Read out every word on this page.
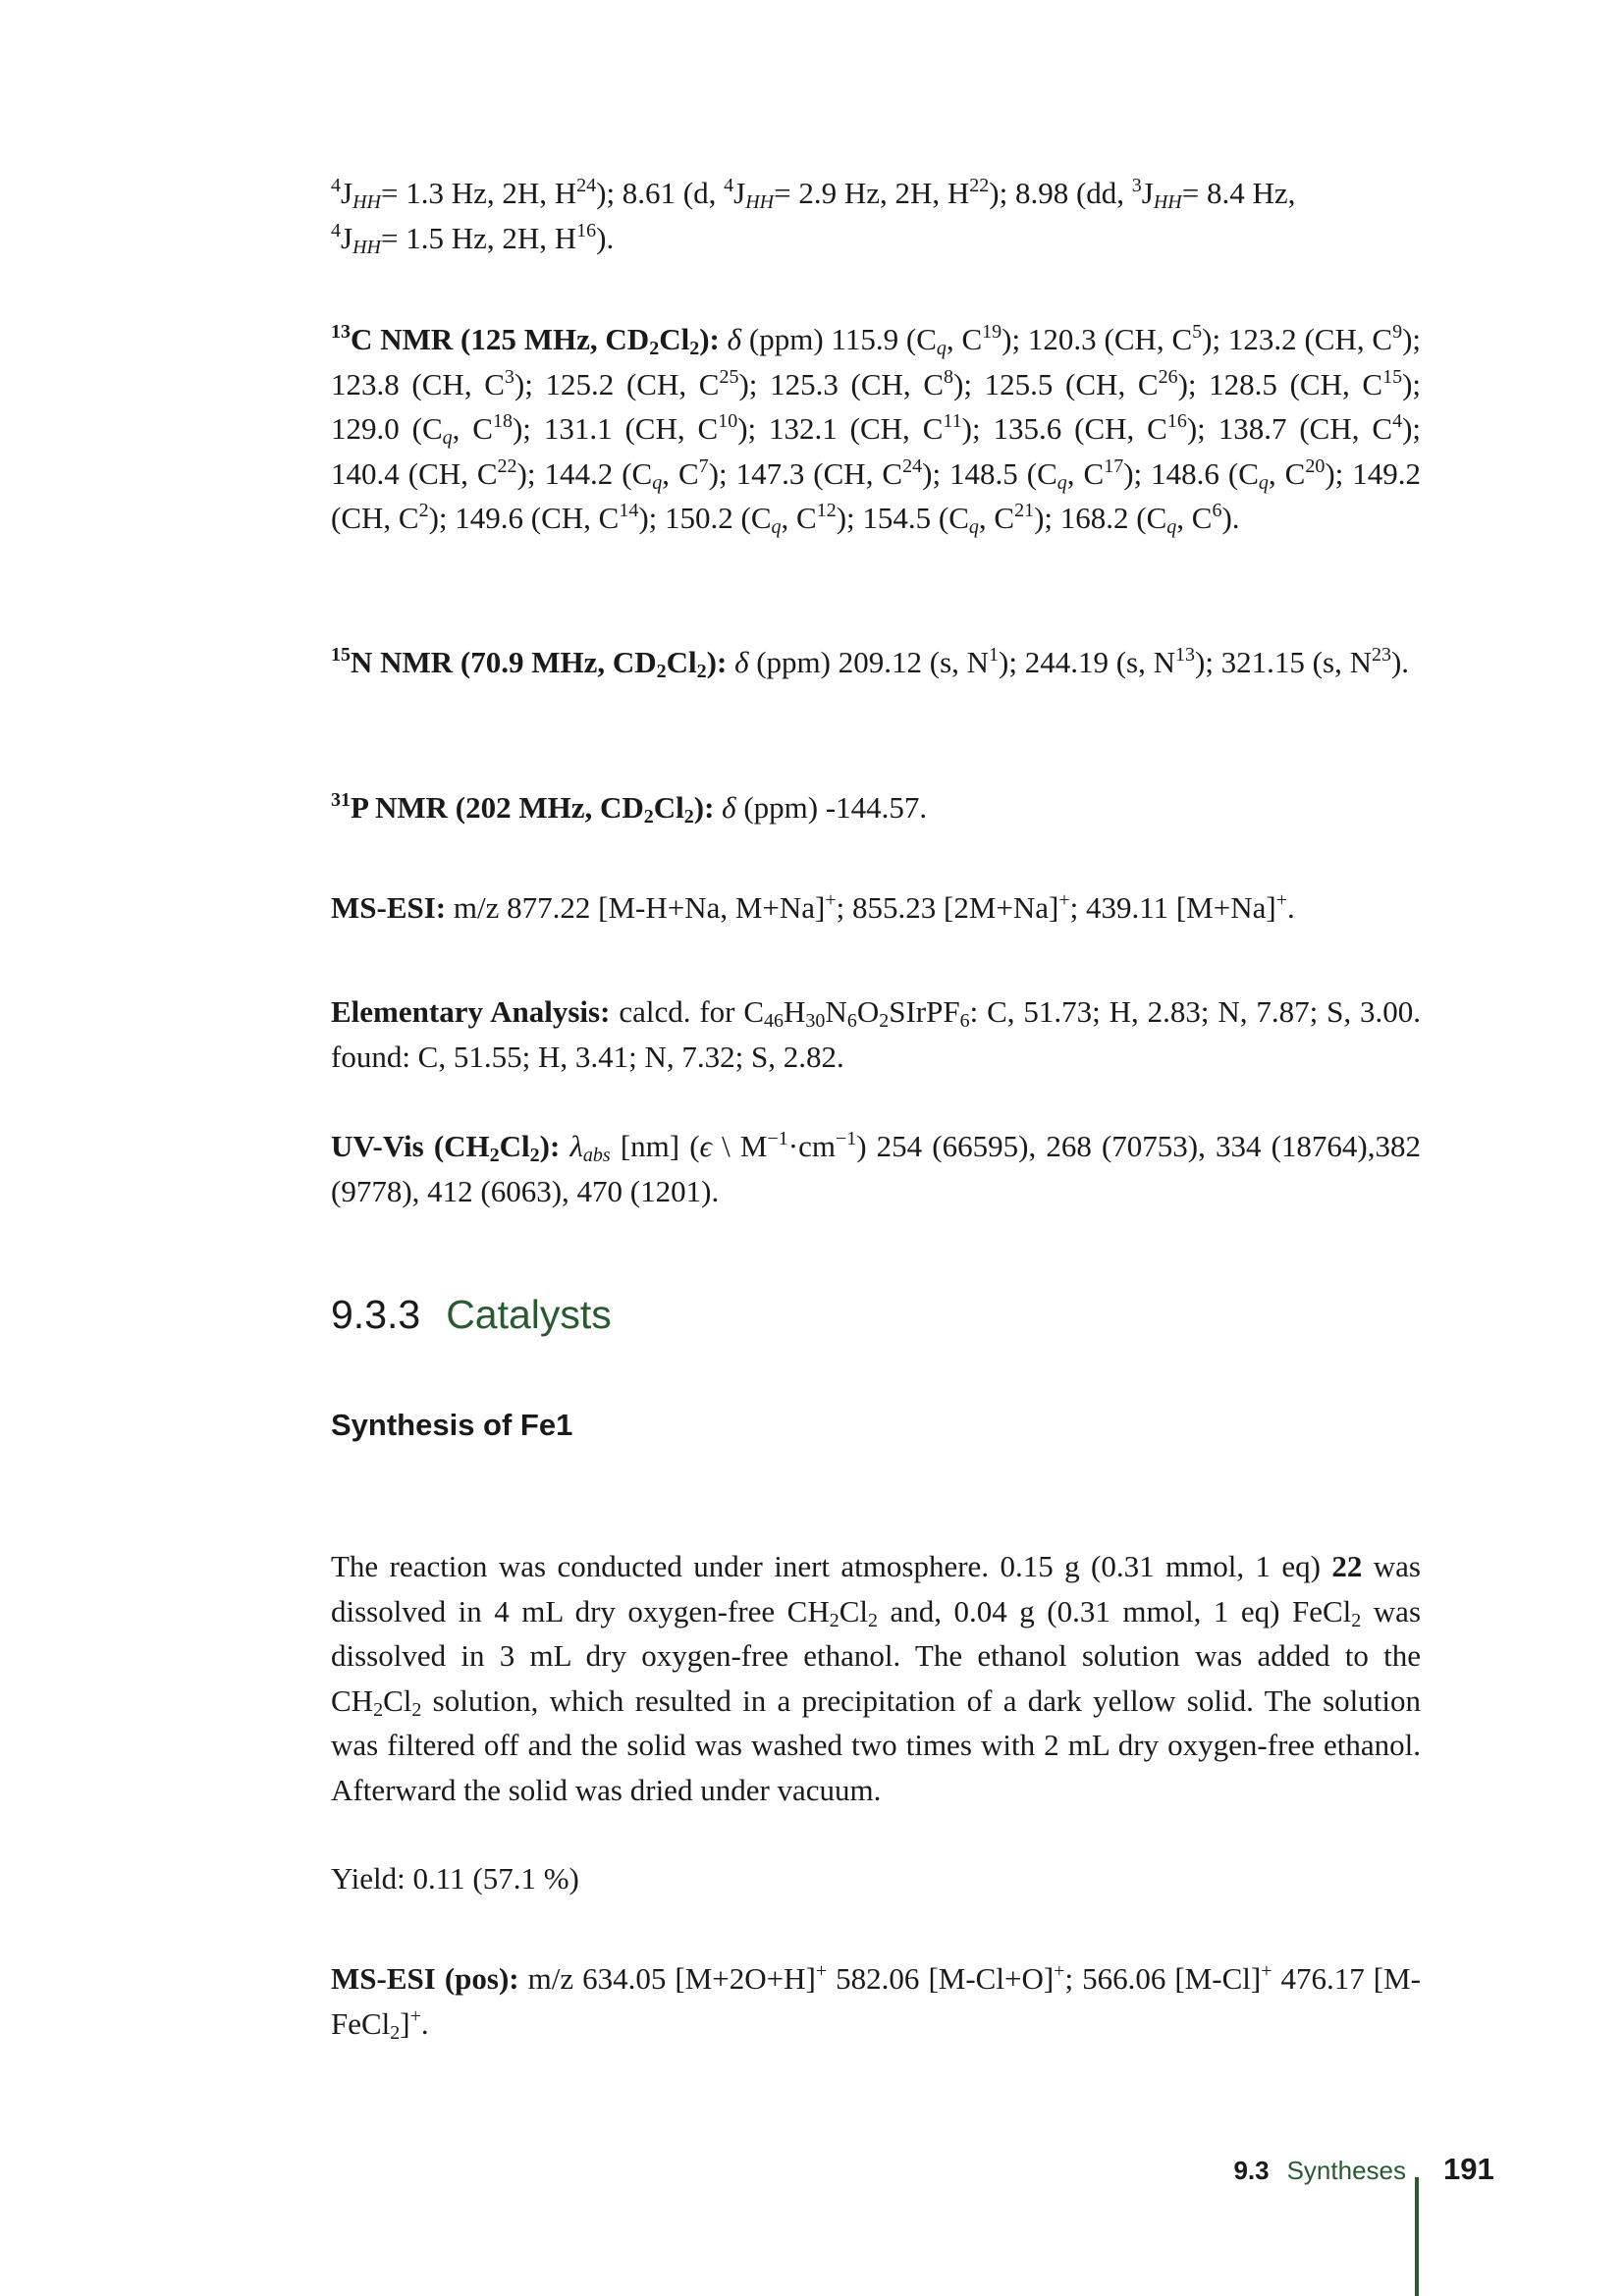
$^4J_{HH}= 1.3$ Hz, 2H, $H^{24}$); 8.61 (d, $^4J_{HH}= 2.9$ Hz, 2H, $H^{22}$); 8.98 (dd, $^3J_{HH}= 8.4$ Hz,
$^4J_{HH}= 1.5$ Hz, 2H, $H^{16}$).
$^{13}$C NMR (125 MHz, $CD_2Cl_2$): δ (ppm) 115.9 ($C_q$, $C^{19}$); 120.3 (CH, $C^5$); 123.2 (CH, $C^9$); 123.8 (CH, $C^3$); 125.2 (CH, $C^{25}$); 125.3 (CH, $C^8$); 125.5 (CH, $C^{26}$); 128.5 (CH, $C^{15}$); 129.0 ($C_q$, $C^{18}$); 131.1 (CH, $C^{10}$); 132.1 (CH, $C^{11}$); 135.6 (CH, $C^{16}$); 138.7 (CH, $C^4$); 140.4 (CH, $C^{22}$); 144.2 ($C_q$, $C^7$); 147.3 (CH, $C^{24}$); 148.5 ($C_q$, $C^{17}$); 148.6 ($C_q$, $C^{20}$); 149.2 (CH, $C^2$); 149.6 (CH, $C^{14}$); 150.2 ($C_q$, $C^{12}$); 154.5 ($C_q$, $C^{21}$); 168.2 ($C_q$, $C^6$).
$^{15}$N NMR (70.9 MHz, $CD_2Cl_2$): δ (ppm) 209.12 (s, $N^1$); 244.19 (s, $N^{13}$); 321.15 (s, $N^{23}$).
$^{31}$P NMR (202 MHz, $CD_2Cl_2$): δ (ppm) -144.57.
MS-ESI: m/z 877.22 [M-H+Na, M+Na]+; 855.23 [2M+Na]+; 439.11 [M+Na]+.
Elementary Analysis: calcd. for $C_{46}H_{30}N_6O_2SIrPF_6$: C, 51.73; H, 2.83; N, 7.87; S, 3.00. found: C, 51.55; H, 3.41; N, 7.32; S, 2.82.
UV-Vis $(CH_2Cl_2)$: $\lambda_{abs}$ [nm] (ϵ \ $M^{-1}\cdot cm^{-1}$) 254 (66595), 268 (70753), 334 (18764),382 (9778), 412 (6063), 470 (1201).
9.3.3 Catalysts
Synthesis of Fe1
The reaction was conducted under inert atmosphere. 0.15 g (0.31 mmol, 1 eq) 22 was dissolved in 4 mL dry oxygen-free $CH_2Cl_2$ and, 0.04 g (0.31 mmol, 1 eq) FeCl$_2$ was dissolved in 3 mL dry oxygen-free ethanol. The ethanol solution was added to the $CH_2Cl_2$ solution, which resulted in a precipitation of a dark yellow solid. The solution was filtered off and the solid was washed two times with 2 mL dry oxygen-free ethanol. Afterward the solid was dried under vacuum.
Yield: 0.11 (57.1 %)
MS-ESI (pos): m/z 634.05 [M+2O+H]+ 582.06 [M-Cl+O]+; 566.06 [M-Cl]+ 476.17 [M-FeCl$_2$]+.
9.3 Syntheses 191
